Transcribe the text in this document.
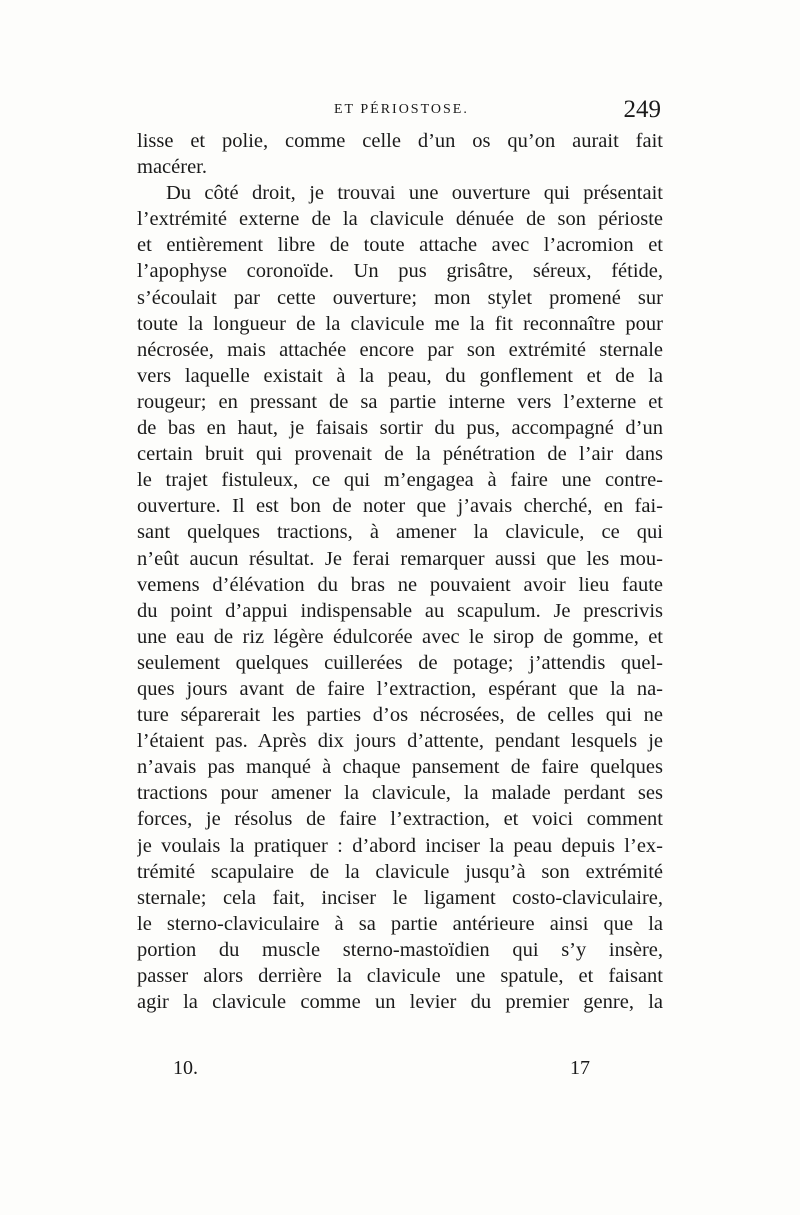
ET PÉRIOSTOSE.	249
lisse et polie, comme celle d’un os qu’on aurait fait
macérer.
Du côté droit, je trouvai une ouverture qui présentait
l’extrémité externe de la clavicule dénuée de son périoste
et entièrement libre de toute attache avec l’acromion et
l’apophyse coronoïde. Un pus grisâtre, séreux, fétide,
s’écoulait par cette ouverture; mon stylet promené sur
toute la longueur de la clavicule me la fit reconnaître pour
nécrosée, mais attachée encore par son extrémité sternale
vers laquelle existait à la peau, du gonflement et de la
rougeur; en pressant de sa partie interne vers l’externe et
de bas en haut, je faisais sortir du pus, accompagné d’un
certain bruit qui provenait de la pénétration de l’air dans
le trajet fistuleux, ce qui m’engagea à faire une contre-
ouverture. Il est bon de noter que j’avais cherché, en fai-
sant quelques tractions, à amener la clavicule, ce qui
n’eût aucun résultat. Je ferai remarquer aussi que les mou-
vemens d’élévation du bras ne pouvaient avoir lieu faute
du point d’appui indispensable au scapulum. Je prescrivis
une eau de riz légère édulcorée avec le sirop de gomme, et
seulement quelques cuillerées de potage; j’attendis quel-
ques jours avant de faire l’extraction, espérant que la na-
ture séparerait les parties d’os nécrosées, de celles qui ne
l’étaient pas. Après dix jours d’attente, pendant lesquels je
n’avais pas manqué à chaque pansement de faire quelques
tractions pour amener la clavicule, la malade perdant ses
forces, je résolus de faire l’extraction, et voici comment
je voulais la pratiquer : d’abord inciser la peau depuis l’ex-
trémité scapulaire de la clavicule jusqu’à son extrémité
sternale; cela fait, inciser le ligament costo-claviculaire,
le sterno-claviculaire à sa partie antérieure ainsi que la
portion du muscle sterno-mastoïdien qui s’y insère,
passer alors derrière la clavicule une spatule, et faisant
agir la clavicule comme un levier du premier genre, la
10.	17
